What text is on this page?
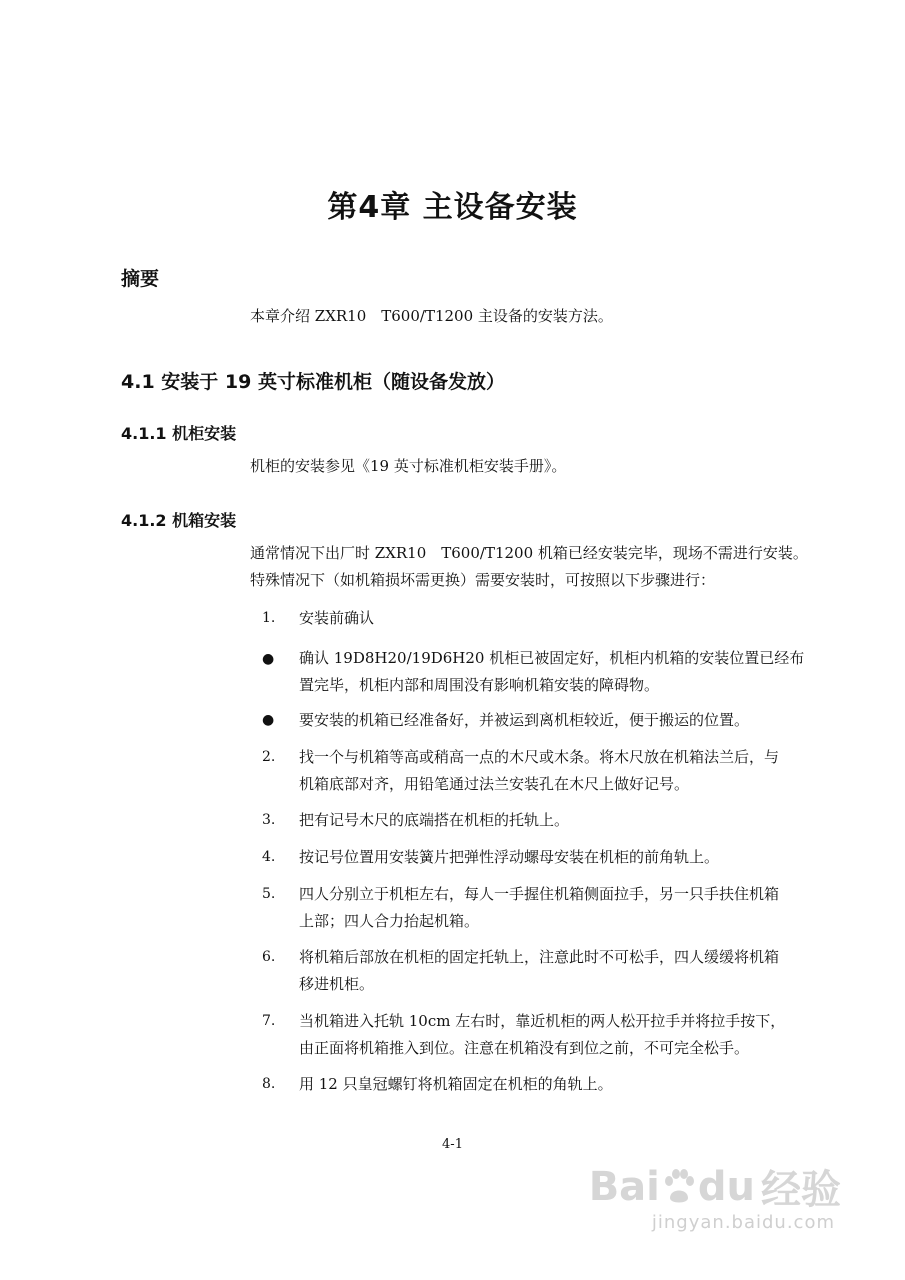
第4章 主设备安装
摘要
本章介绍 ZXR10　T600/T1200 主设备的安装方法。
4.1 安装于 19 英寸标准机柜（随设备发放）
4.1.1 机柜安装
机柜的安装参见《19 英寸标准机柜安装手册》。
4.1.2 机箱安装
通常情况下出厂时 ZXR10　T600/T1200 机箱已经安装完毕，现场不需进行安装。
特殊情况下（如机箱损坏需更换）需要安装时，可按照以下步骤进行：
1. 安装前确认
● 确认 19D8H20/19D6H20 机柜已被固定好，机柜内机箱的安装位置已经布
置完毕，机柜内部和周围没有影响机箱安装的障碍物。
● 要安装的机箱已经准备好，并被运到离机柜较近，便于搬运的位置。
2. 找一个与机箱等高或稍高一点的木尺或木条。将木尺放在机箱法兰后，与
机箱底部对齐，用铅笔通过法兰安装孔在木尺上做好记号。
3. 把有记号木尺的底端搭在机柜的托轨上。
4. 按记号位置用安装簧片把弹性浮动螺母安装在机柜的前角轨上。
5. 四人分别立于机柜左右，每人一手握住机箱侧面拉手，另一只手扶住机箱
上部；四人合力抬起机箱。
6. 将机箱后部放在机柜的固定托轨上，注意此时不可松手，四人缓缓将机箱
移进机柜。
7. 当机箱进入托轨 10cm 左右时，靠近机柜的两人松开拉手并将拉手按下，
由正面将机箱推入到位。注意在机箱没有到位之前，不可完全松手。
8. 用 12 只皇冠螺钉将机箱固定在机柜的角轨上。
4-1
Bai du 经验
jingyan.baidu.com
